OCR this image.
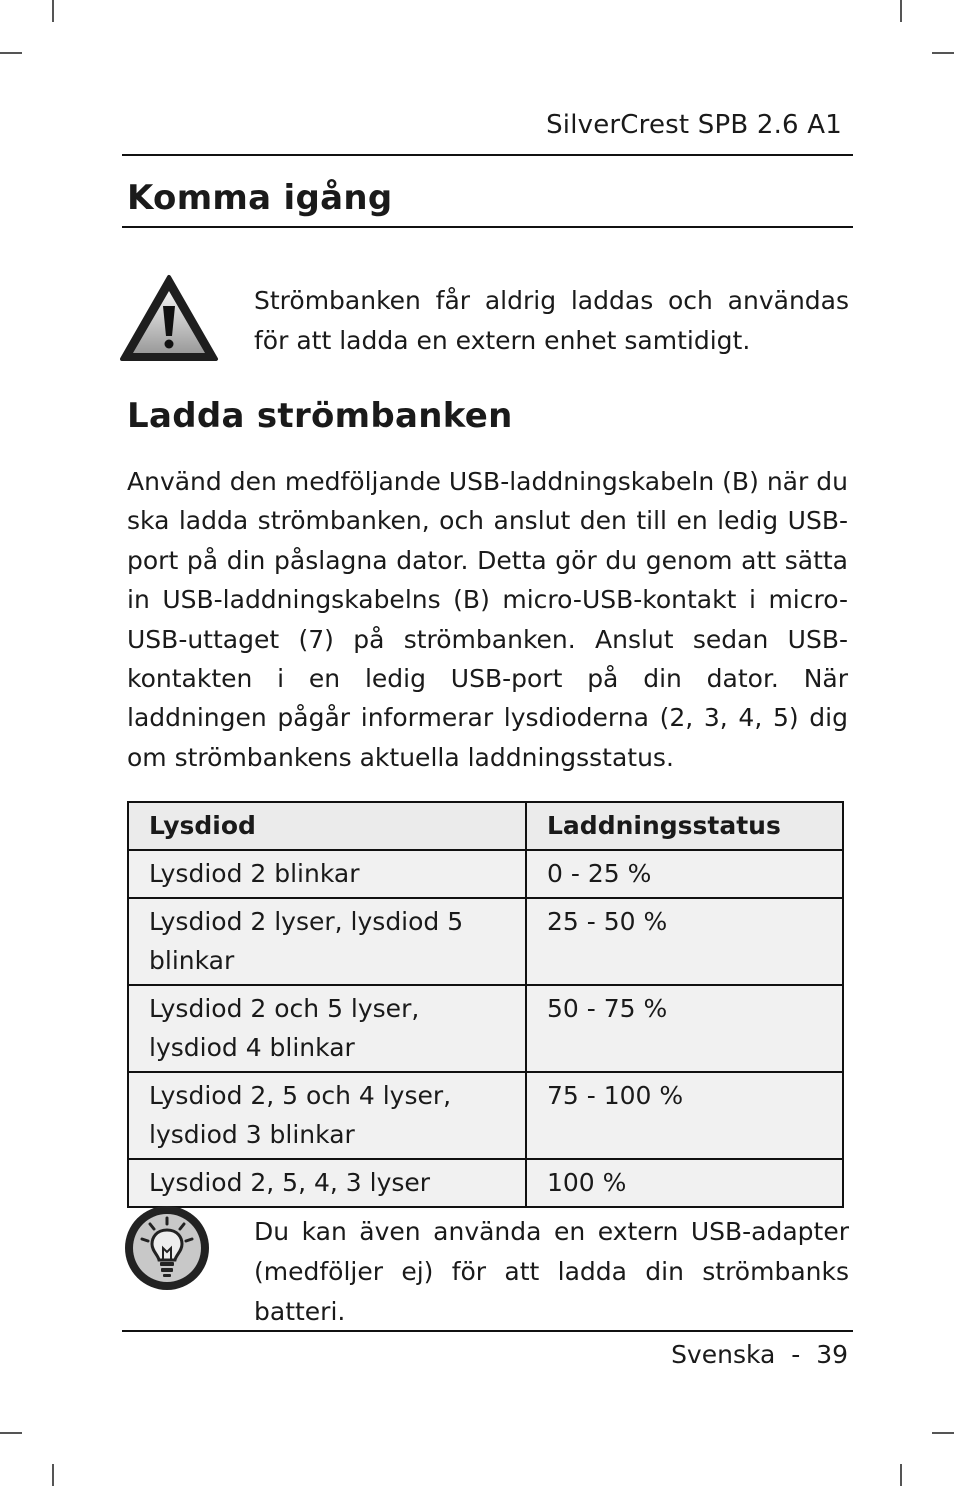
SilverCrest SPB 2.6 A1
Komma igång
Strömbanken får aldrig laddas och användas för att ladda en extern enhet samtidigt.
Ladda strömbanken

Använd den medföljande USB-laddningskabeln (B) när du ska ladda strömbanken, och anslut den till en ledig USB-port på din påslagna dator. Detta gör du genom att sätta in USB-laddningskabelns (B) micro-USB-kontakt i micro-USB-uttaget (7) på strömbanken. Anslut sedan USB-kontakten i en ledig USB-port på din dator. När laddningen pågår informerar lysdioderna (2, 3, 4, 5) dig om strömbankens aktuella laddningsstatus.

Lysdiod	Laddningsstatus
Lysdiod 2 blinkar	0 - 25 %
Lysdiod 2 lyser, lysdiod 5 blinkar	25 - 50 %
Lysdiod 2 och 5 lyser, lysdiod 4 blinkar	50 - 75 %
Lysdiod 2, 5 och 4 lyser, lysdiod 3 blinkar	75 - 100 %
Lysdiod 2, 5, 4, 3 lyser	100 %
Du kan även använda en extern USB-adapter (medföljer ej) för att ladda din strömbanks batteri.
Svenska - 39
